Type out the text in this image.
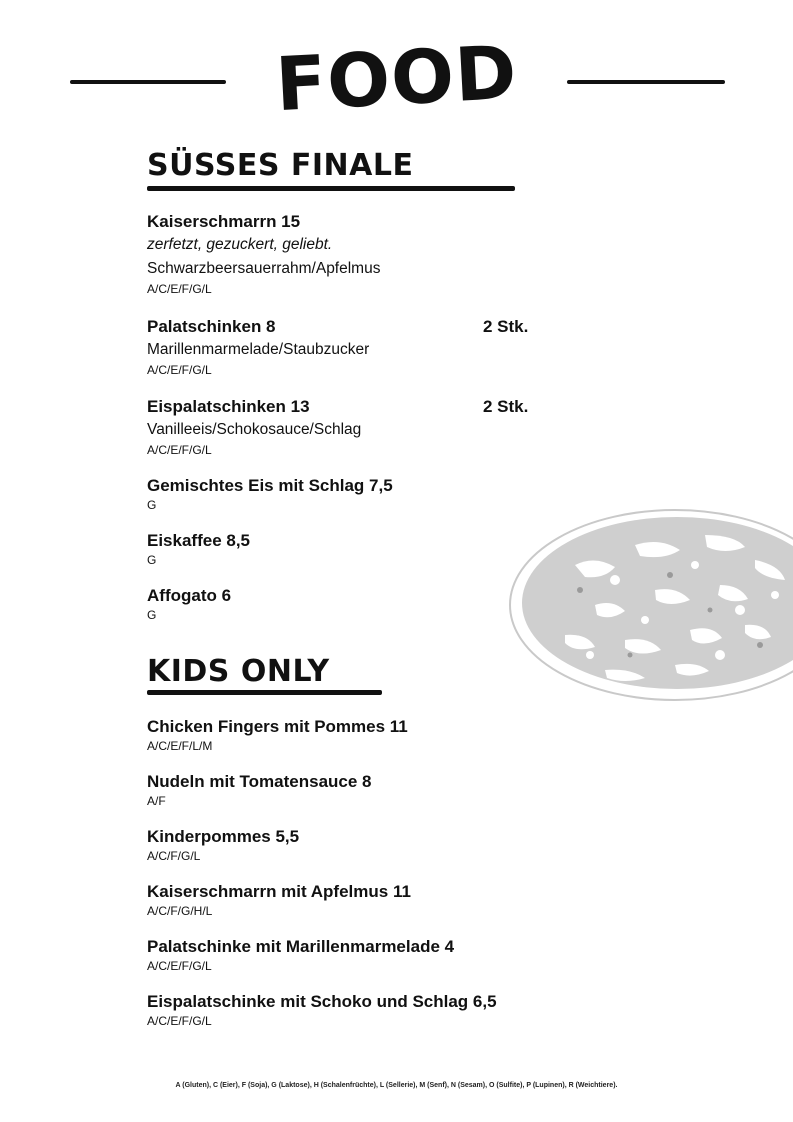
FOOD
SÜSSES FINALE
Kaiserschmarrn 15
zerfetzt, gezuckert, geliebt.
Schwarzbeersauerrahm/Apfelmus
A/C/E/F/G/L
Palatschinken 8	2 Stk.
Marillenmarmelade/Staubzucker
A/C/E/F/G/L
Eispalatschinken 13	2 Stk.
Vanilleeis/Schokosauce/Schlag
A/C/E/F/G/L
Gemischtes Eis mit Schlag 7,5
G
Eiskaffee 8,5
G
Affogato 6
G
KIDS ONLY
Chicken Fingers mit Pommes 11
A/C/E/F/L/M
Nudeln mit Tomatensauce 8
A/F
Kinderpommes 5,5
A/C/F/G/L
Kaiserschmarrn mit Apfelmus 11
A/C/F/G/H/L
Palatschinke mit Marillenmarmelade 4
A/C/E/F/G/L
Eispalatschinke mit Schoko und Schlag 6,5
A/C/E/F/G/L
A (Gluten), C (Eier), F (Soja), G (Laktose), H (Schalenfrüchte), L (Sellerie), M (Senf), N (Sesam), O (Sulfite), P (Lupinen), R (Weichtiere).
